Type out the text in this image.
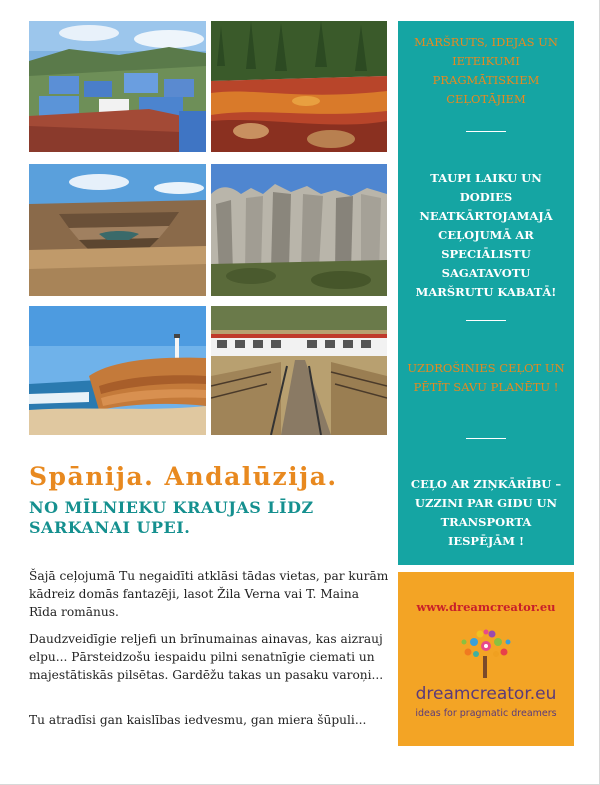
MARŠRUTS, IDEJAS UN IETEIKUMI PRAGMĀTISKIEM CEĻOTĀJIEM
TAUPI LAIKU UN DODIES NEATKĀRTOJAMAJĀ CEĻOJUMĀ AR SPECIĀLISTU SAGATAVOTU MARŠRUTU KABATĀ!
UZDROŠINIES CEĻOT UN PĒTĪT SAVU PLANĒTU !
CEĻO AR ZIŅKĀRĪBU – UZZINI PAR GIDU UN TRANSPORTA IESPĒJĀM !
www.dreamcreator.eu
dreamcreator.eu
ideas for pragmatic dreamers
Spānija. Andalūzija.
NO MĪLNIEKU KRAUJAS LĪDZ SARKANAI UPEI.

Šajā ceļojumā Tu negaidīti atklāsi tādas vietas, par kurām kādreiz domās fantazēji, lasot Žila Verna vai T. Maina Rīda romānus.

Daudzveidīgie reljefi un brīnumainas ainavas, kas aizrauj elpu... Pārsteidzošu iespaidu pilni senatnīgie ciemati un majestātiskās pilsētas. Gardēžu takas un pasaku varoņi...

Tu atradīsi gan kaislības iedvesmu, gan miera šūpuli...
